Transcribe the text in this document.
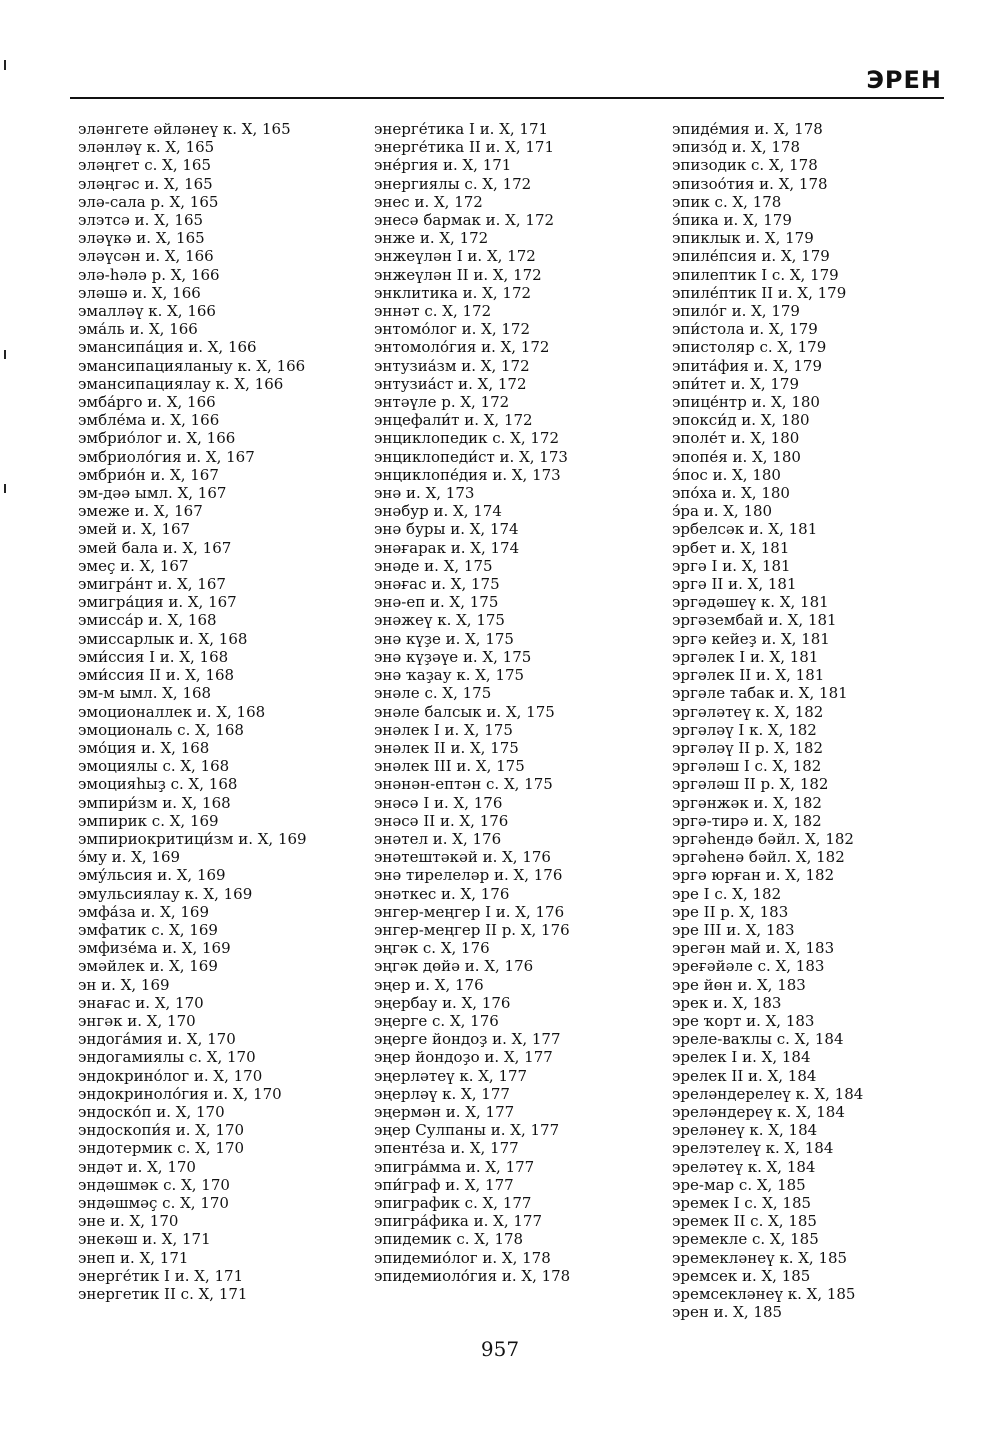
ЭРЕН
эләнгете әйләнеү к. X, 165
эләнләү к. X, 165
эләңгет с. X, 165
эләңгәс и. X, 165
элә-сала р. X, 165
элэтсә и. X, 165
эләүкә и. X, 165
эләүсән и. X, 166
элә-һәлә р. X, 166
эләшә и. X, 166
эмалләү к. X, 166
эма́ль и. X, 166
эмансипа́ция и. X, 166
эмансипацияланыу к. X, 166
эмансипациялау к. X, 166
эмба́рго и. X, 166
эмбле́ма и. X, 166
эмбрио́лог и. X, 166
эмбриоло́гия и. X, 167
эмбрио́н и. X, 167
эм-дәә ымл. X, 167
эмеже и. X, 167
эмей и. X, 167
эмей бала и. X, 167
эмеҫ и. X, 167
эмигра́нт и. X, 167
эмигра́ция и. X, 167
эмисса́р и. X, 168
эмиссарлык и. X, 168
эми́ссия I и. X, 168
эми́ссия II и. X, 168
эм-м ымл. X, 168
эмоционаллек и. X, 168
эмоциональ с. X, 168
эмо́ция и. X, 168
эмоциялы с. X, 168
эмоцияһыҙ с. X, 168
эмпири́зм и. X, 168
эмпирик с. X, 169
эмпириокритици́зм и. X, 169
э́му и. X, 169
эму́льсия и. X, 169
эмульсиялау к. X, 169
эмфа́за и. X, 169
эмфатик с. X, 169
эмфизе́ма и. X, 169
эмәйлек и. X, 169
эн и. X, 169
энағас и. X, 170
энгәк и. X, 170
эндога́мия и. X, 170
эндогамиялы с. X, 170
эндокрино́лог и. X, 170
эндокриноло́гия и. X, 170
эндоско́п и. X, 170
эндоскопи́я и. X, 170
эндотермик с. X, 170
эндәт и. X, 170
эндәшмәк с. X, 170
эндәшмәҫ с. X, 170
эне и. X, 170
энекәш и. X, 171
энеп и. X, 171
энерге́тик I и. X, 171
энергетик II с. X, 171
энерге́тика I и. X, 171
энерге́тика II и. X, 171
эне́ргия и. X, 171
энергиялы с. X, 172
энес и. X, 172
энесә бармак и. X, 172
энже и. X, 172
энжеүлән I и. X, 172
энжеүлән II и. X, 172
энклитика и. X, 172
эннәт с. X, 172
энтомо́лог и. X, 172
энтомоло́гия и. X, 172
энтузиа́зм и. X, 172
энтузиа́ст и. X, 172
энтәүле р. X, 172
энцефали́т и. X, 172
энциклопедик с. X, 172
энциклопеди́ст и. X, 173
энциклопе́дия и. X, 173
энә и. X, 173
энәбур и. X, 174
энә буры и. X, 174
энәғарак и. X, 174
энәде и. X, 175
энәғас и. X, 175
энә-еп и. X, 175
энәжеү к. X, 175
энә күҙе и. X, 175
энә күҙәүе и. X, 175
энә ҡаҙау к. X, 175
энәле с. X, 175
энәле балсык и. X, 175
энәлек I и. X, 175
энәлек II и. X, 175
энәлек III и. X, 175
энәнән-ептән с. X, 175
энәсә I и. X, 176
энәсә II и. X, 176
энәтел и. X, 176
энәтештәкәй и. X, 176
энә тирелеләр и. X, 176
энәткес и. X, 176
энгер-меңгер I и. X, 176
энгер-меңгер II р. X, 176
эңгәк с. X, 176
эңгәк дөйә и. X, 176
эңер и. X, 176
эңербау и. X, 176
эңерге с. X, 176
эңерге йондоҙ и. X, 177
эңер йондоҙо и. X, 177
эңерләтеү к. X, 177
эңерләү к. X, 177
эңермән и. X, 177
эңер Сулпаны и. X, 177
эпенте́за и. X, 177
эпигра́мма и. X, 177
эпи́граф и. X, 177
эпиграфик с. X, 177
эпигра́фика и. X, 177
эпидемик с. X, 178
эпидемио́лог и. X, 178
эпидемиоло́гия и. X, 178
эпиде́мия и. X, 178
эпизо́д и. X, 178
эпизодик с. X, 178
эпизоо́тия и. X, 178
эпик с. X, 178
э́пика и. X, 179
эпиклык и. X, 179
эпиле́псия и. X, 179
эпилептик I с. X, 179
эпиле́птик II и. X, 179
эпило́г и. X, 179
эпи́стола и. X, 179
эпистоляр с. X, 179
эпита́фия и. X, 179
эпи́тет и. X, 179
эпице́нтр и. X, 180
эпокси́д и. X, 180
эполе́т и. X, 180
эпопе́я и. X, 180
э́пос и. X, 180
эпо́ха и. X, 180
э́ра и. X, 180
эрбелсәк и. X, 181
эрбет и. X, 181
эргә I и. X, 181
эргә II и. X, 181
эргәдәшеү к. X, 181
эргәзембай и. X, 181
эргә кейеҙ и. X, 181
эргәлек I и. X, 181
эргәлек II и. X, 181
эргәле табак и. X, 181
эргәләтеү к. X, 182
эргәләү I к. X, 182
эргәләү II р. X, 182
эргәләш I с. X, 182
эргәләш II р. X, 182
эргәнжәк и. X, 182
эргә-тирә и. X, 182
эргәһендә бәйл. X, 182
эргәһенә бәйл. X, 182
эргә юрған и. X, 182
эре I с. X, 182
эре II р. X, 183
эре III и. X, 183
эрегән май и. X, 183
эреғәйәле с. X, 183
эре йөн и. X, 183
эрек и. X, 183
эре ҡорт и. X, 183
эреле-ваҡлы с. X, 184
эрелек I и. X, 184
эрелек II и. X, 184
эреләндерелеү к. X, 184
эреләндереү к. X, 184
эреләнеү к. X, 184
эрелэтелеү к. X, 184
эреләтеү к. X, 184
эре-мар с. X, 185
эремек I с. X, 185
эремек II с. X, 185
эремекле с. X, 185
эремекләнеү к. X, 185
эремсек и. X, 185
эремсекләнеү к. X, 185
эрен и. X, 185
957
